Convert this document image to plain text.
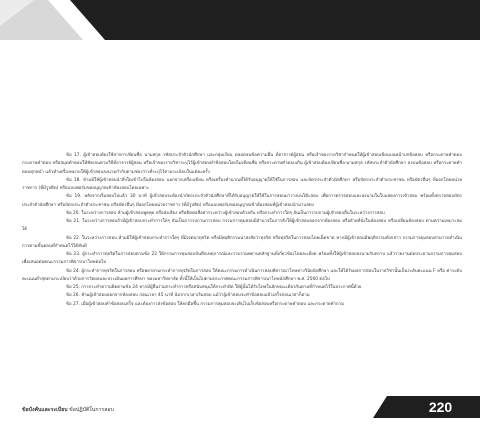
ข้อ 17. ผู้เข้าสอบต้องใช้ปากกาเขียนชื่อ นามสกุล รหัสประจำตัวนักศึกษา และกลุ่มเรียน ตลอดจนข้อความอื่น ที่อาจารย์ผู้สอน หรือเจ้าของรายวิชากำหนดให้ผู้เข้าสอบเขียนบนหน้าปกข้อสอบ หรือกระดาษคำตอบ กระดาษคำตอบ หรือสมุดคำตอบให้ชัดเจนตามวิธีที่อาจารย์ผู้สอน หรือเจ้าของรายวิชาระบุไว้ผู้เข้าสอบทำข้อสอบโดยไม่เขียนชื่อ หรือกระดาษคำตอบเกิน ผู้เข้าสอบต้องเขียนชื่อ-นามสกุล รหัสประจำตัวนักศึกษา ลงบนข้อสอบ หรือกระดาษคำตอบทุกหน้า แล้วทำเครื่องหมายให้ผู้เข้าสอบลงนามกำกับตามช่องว่างที่ระบุไว้ตามระเบียบในแต่ละครั้ง

ข้อ 18. ห้ามมิให้ผู้เข้าสอบนำสิ่งใดเข้าไปในห้องสอบ นอกจากเครื่องเขียน หรือเครื่องคำนวณที่ได้รับอนุญาตให้ใช้ในการสอบ และบัตรประจำตัวนักศึกษา หรือบัตรประจำตัวประชาชน หรือบัตรอื่นๆ ที่ออกโดยหน่วยราชการ (ที่มีรูปติด) หรือแบบฟอร์มขออนุญาตเข้าห้องสอบโดยเฉพาะ

ข้อ 19. หลังจากเริ่มสอบไปแล้ว 30 นาที ผู้เข้าสอบจะต้องนำบัตรประจำตัวนักศึกษาที่ได้รับอนุญาตให้ใช้ในการสอบมาวางบนโต๊ะสอบ เพื่อการตรวจสอบและลงนามในใบแสดงการเข้าสอบ พร้อมทั้งตรวจสอบบัตรประจำตัวนักศึกษา หรือบัตรประจำตัวประชาชน หรือบัตรอื่นๆ ที่ออกโดยหน่วยราชการ (ที่มีรูปติด) หรือแบบฟอร์มขออนุญาตเข้าห้องสอบที่ผู้เข้าสอบนำมาแสดง

ข้อ 20. ในระหว่างการสอบ ห้ามผู้เข้าสอบพูดคุย หรือส่งเสียง หรือติดต่อสื่อสารระหว่างผู้เข้าสอบด้วยกัน หรือกระทำการใดๆ อันเป็นการรบกวนผู้เข้าสอบอื่นในระหว่างการสอบ

ข้อ 21. ในระหว่างการสอบถ้ามีผู้เข้าสอบกระทำการใดๆ อันเป็นการรบกวนการสอบ กรรมการคุมสอบมีอำนาจในการสั่งให้ผู้เข้าสอบออกจากห้องสอบ หรือย้ายที่นั่งในห้องสอบ หรือเปลี่ยนห้องสอบ ตามความเหมาะสมได้

ข้อ 22. ในระหว่างการสอบ ห้ามมิให้ผู้เข้าสอบกระทำการใดๆ ที่มีเจตนาทุจริต หรือมีพฤติกรรมน่าสงสัยว่าทุจริต หรือทุจริตในการสอบโดยเด็ดขาด หากมีผู้เข้าสอบมีพฤติกรรมดังกล่าว กรรมการคุมสอบสามารถดำเนินการตามขั้นตอนที่กำหนดไว้ได้ทันที

ข้อ 23. ผู้กระทำการทุจริตในการสอบตามข้อ 22 ให้กรรมการคุมสอบบันทึกเหตุการณ์และรวบรวมพยานหลักฐานที่เกี่ยวข้องโดยละเอียด พร้อมทั้งให้ผู้เข้าสอบลงนามรับทราบ แล้วรายงานต่อประธานกรรมการคุมสอบ เพื่อเสนอต่อคณะกรรมการพิจารณาโทษต่อไป

ข้อ 24. ผู้กระทำการทุจริตในการสอบ หรือพยายามกระทำการทุจริตในการสอบ ให้คณะกรรมการดำเนินการสอบพิจารณาโทษทางวินัยนักศึกษา และให้ได้รับผลการสอบในรายวิชานั้นเป็นระดับคะแนน F หรือ ค่าระดับคะแนนต่ำสุดตามระเบียบว่าด้วยการวัดผลและประเมินผลการศึกษา ของมหาวิทยาลัย ทั้งนี้ให้เป็นไปตามประกาศคณะกรรมการพิจารณาโทษนักศึกษา พ.ศ. 2560 ต่อไป

ข้อ 25. การกระทำความผิดตามข้อ 24 หากมีผู้อื่นร่วมกระทำการหรือสนับสนุนให้กระทำผิด ให้ผู้นั้นได้รับโทษในลักษณะเดียวกันตามที่กำหนดไว้ในประกาศนี้ด้วย

ข้อ 26. ห้ามผู้เข้าสอบออกจากห้องสอบ ก่อนเวลา 45 นาที นับจากเวลาเริ่มสอบ แม้ว่าผู้เข้าสอบจะทำข้อสอบแล้วเสร็จก่อนเวลาก็ตาม

ข้อ 27. เมื่อผู้เข้าสอบทำข้อสอบเสร็จ และต้องการส่งข้อสอบ ให้ยกมือขึ้น กรรมการคุมสอบจะเดินไปเก็บข้อสอบหรือกระดาษคำตอบ และกระดาษคำถาม

ข้อบังคับและระเบียบ ข้อปฏิบัติในการสอบ	220
